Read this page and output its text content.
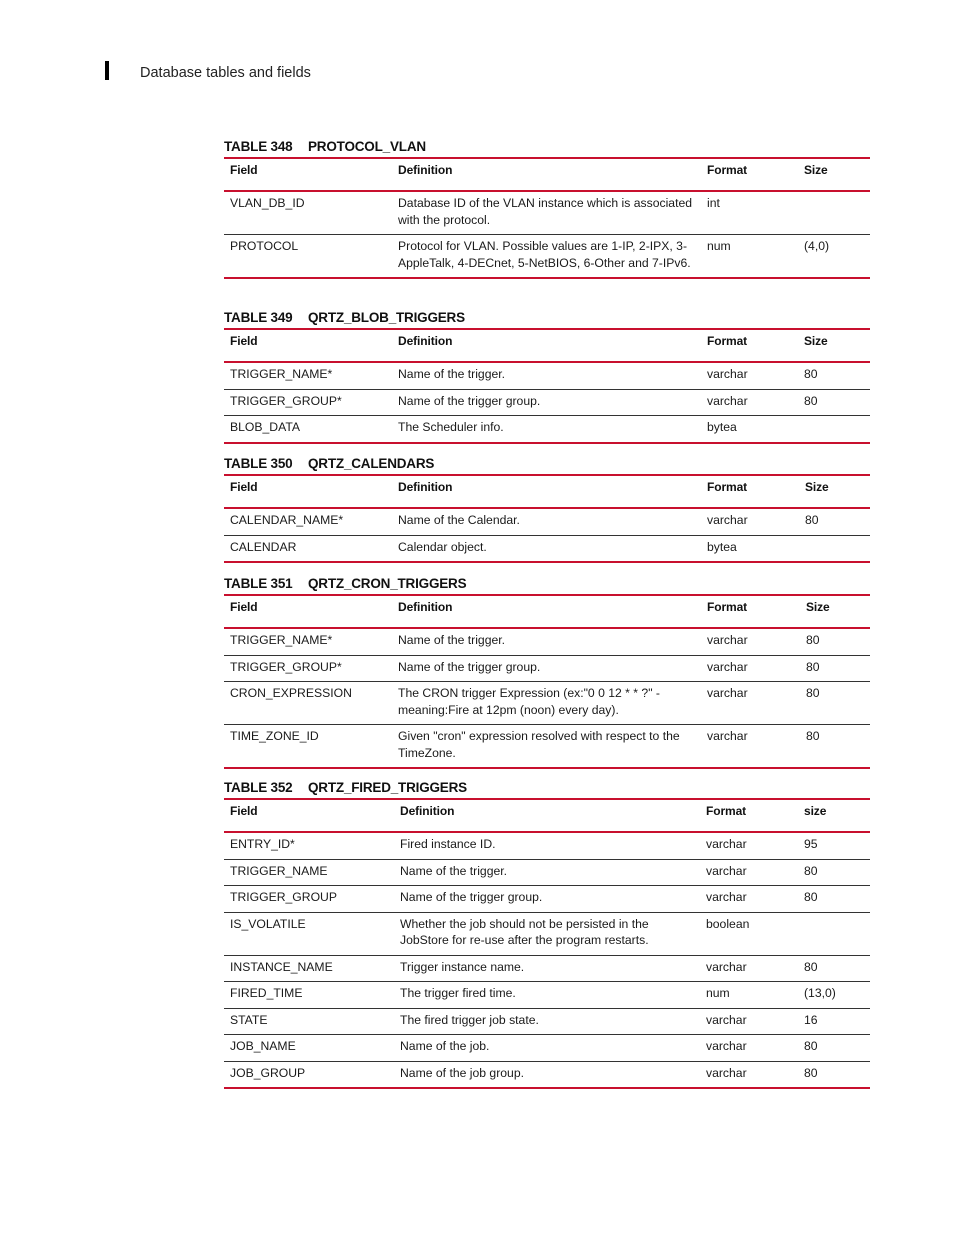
Database tables and fields
TABLE 348	PROTOCOL_VLAN
Field	Definition	Format	Size
VLAN_DB_ID	Database ID of the VLAN instance which is associated with the protocol.	int	
PROTOCOL	Protocol for VLAN. Possible values are 1-IP, 2-IPX, 3-AppleTalk, 4-DECnet, 5-NetBIOS, 6-Other and 7-IPv6.	num	(4,0)
TABLE 349	QRTZ_BLOB_TRIGGERS
Field	Definition	Format	Size
TRIGGER_NAME*	Name of the trigger.	varchar	80
TRIGGER_GROUP*	Name of the trigger group.	varchar	80
BLOB_DATA	The Scheduler info.	bytea	
TABLE 350	QRTZ_CALENDARS
Field	Definition	Format	Size
CALENDAR_NAME*	Name of the Calendar.	varchar	80
CALENDAR	Calendar object.	bytea	
TABLE 351	QRTZ_CRON_TRIGGERS
Field	Definition	Format	Size
TRIGGER_NAME*	Name of the trigger.	varchar	80
TRIGGER_GROUP*	Name of the trigger group.	varchar	80
CRON_EXPRESSION	The CRON trigger Expression (ex:"0 0 12 * * ?" - meaning:Fire at 12pm (noon) every day).	varchar	80
TIME_ZONE_ID	Given "cron" expression resolved with respect to the TimeZone.	varchar	80
TABLE 352	QRTZ_FIRED_TRIGGERS
Field	Definition	Format	size
ENTRY_ID*	Fired instance ID.	varchar	95
TRIGGER_NAME	Name of the trigger.	varchar	80
TRIGGER_GROUP	Name of the trigger group.	varchar	80
IS_VOLATILE	Whether the job should not be persisted in the JobStore for re-use after the program restarts.	boolean	
INSTANCE_NAME	Trigger instance name.	varchar	80
FIRED_TIME	The trigger fired time.	num	(13,0)
STATE	The fired trigger job state.	varchar	16
JOB_NAME	Name of the job.	varchar	80
JOB_GROUP	Name of the job group.	varchar	80
